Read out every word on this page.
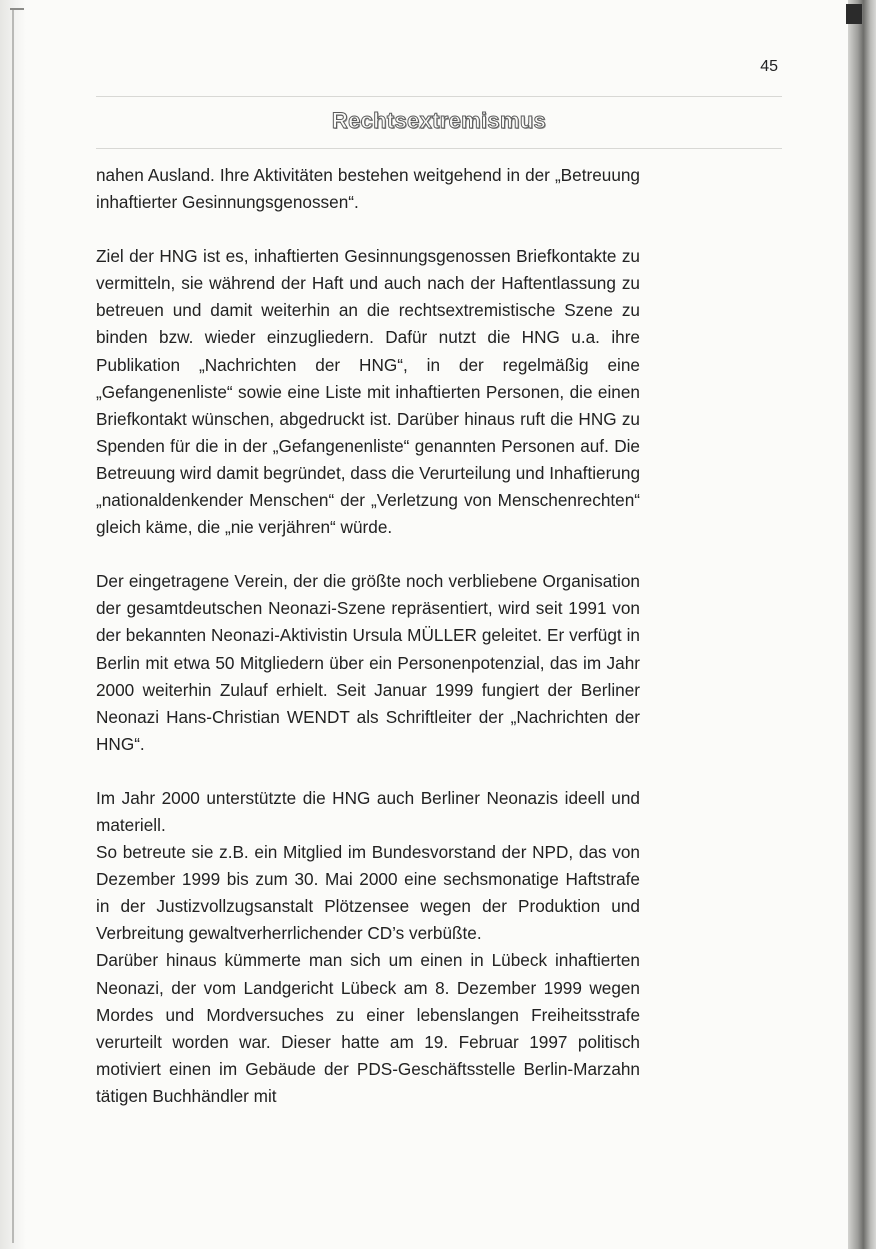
45
Rechtsextremismus

nahen Ausland. Ihre Aktivitäten bestehen weitgehend in der „Betreuung inhaftierter Gesinnungsgenossen“.

Ziel der HNG ist es, inhaftierten Gesinnungsgenossen Briefkontakte zu vermitteln, sie während der Haft und auch nach der Haftentlassung zu betreuen und damit weiterhin an die rechtsextremistische Szene zu binden bzw. wieder einzugliedern. Dafür nutzt die HNG u.a. ihre Publikation „Nachrichten der HNG“, in der regelmäßig eine „Gefangenenliste“ sowie eine Liste mit inhaftierten Personen, die einen Briefkontakt wünschen, abgedruckt ist. Darüber hinaus ruft die HNG zu Spenden für die in der „Gefangenenliste“ genannten Personen auf. Die Betreuung wird damit begründet, dass die Verurteilung und Inhaftierung „nationaldenkender Menschen“ der „Verletzung von Menschenrechten“ gleich käme, die „nie verjähren“ würde.

Der eingetragene Verein, der die größte noch verbliebene Organisation der gesamtdeutschen Neonazi-Szene repräsentiert, wird seit 1991 von der bekannten Neonazi-Aktivistin Ursula MÜLLER geleitet. Er verfügt in Berlin mit etwa 50 Mitgliedern über ein Personenpotenzial, das im Jahr 2000 weiterhin Zulauf erhielt. Seit Januar 1999 fungiert der Berliner Neonazi Hans-Christian WENDT als Schriftleiter der „Nachrichten der HNG“.

Im Jahr 2000 unterstützte die HNG auch Berliner Neonazis ideell und materiell.

So betreute sie z.B. ein Mitglied im Bundesvorstand der NPD, das von Dezember 1999 bis zum 30. Mai 2000 eine sechsmonatige Haftstrafe in der Justizvollzugsanstalt Plötzensee wegen der Produktion und Verbreitung gewaltverherrlichender CD’s verbüßte.

Darüber hinaus kümmerte man sich um einen in Lübeck inhaftierten Neonazi, der vom Landgericht Lübeck am 8. Dezember 1999 wegen Mordes und Mordversuches zu einer lebenslangen Freiheitsstrafe verurteilt worden war. Dieser hatte am 19. Februar 1997 politisch motiviert einen im Gebäude der PDS-Geschäftsstelle Berlin-Marzahn tätigen Buchhändler mit
